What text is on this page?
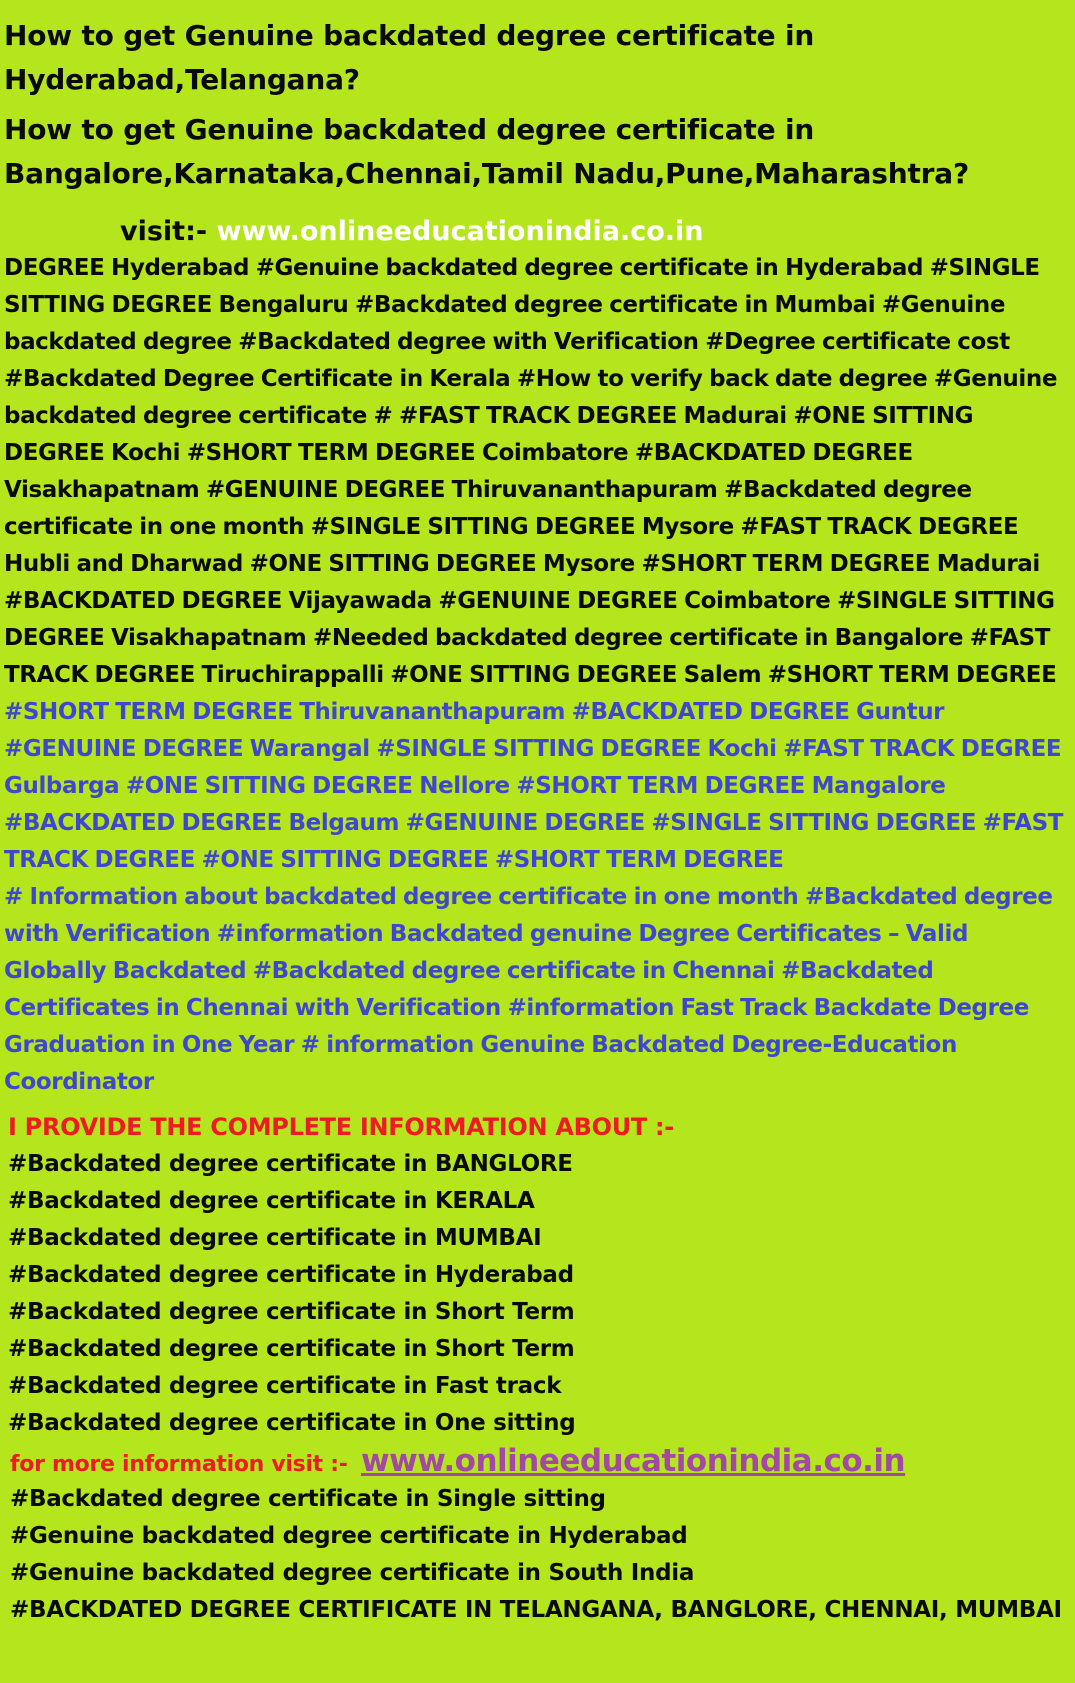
How to get Genuine backdated degree certificate in Hyderabad,Telangana?
How to get Genuine backdated degree certificate in Bangalore,Karnataka,Chennai,Tamil Nadu,Pune,Maharashtra?
visit:- www.onlineeducationindia.co.in

DEGREE Hyderabad #Genuine backdated degree certificate in Hyderabad #SINGLE SITTING DEGREE Bengaluru #Backdated degree certificate in Mumbai #Genuine backdated degree #Backdated degree with Verification #Degree certificate cost #Backdated Degree Certificate in Kerala #How to verify back date degree #Genuine backdated degree certificate # #FAST TRACK DEGREE Madurai #ONE SITTING DEGREE Kochi #SHORT TERM DEGREE Coimbatore #BACKDATED DEGREE Visakhapatnam #GENUINE DEGREE Thiruvananthapuram #Backdated degree certificate in one month #SINGLE SITTING DEGREE Mysore #FAST TRACK DEGREE Hubli and Dharwad #ONE SITTING DEGREE Mysore #SHORT TERM DEGREE Madurai #BACKDATED DEGREE Vijayawada #GENUINE DEGREE Coimbatore #SINGLE SITTING DEGREE Visakhapatnam #Needed backdated degree certificate in Bangalore #FAST TRACK DEGREE Tiruchirappalli #ONE SITTING DEGREE Salem #SHORT TERM DEGREE

#SHORT TERM DEGREE Thiruvananthapuram #BACKDATED DEGREE Guntur #GENUINE DEGREE Warangal #SINGLE SITTING DEGREE Kochi #FAST TRACK DEGREE Gulbarga #ONE SITTING DEGREE Nellore #SHORT TERM DEGREE Mangalore #BACKDATED DEGREE Belgaum #GENUINE DEGREE #SINGLE SITTING DEGREE #FAST TRACK DEGREE #ONE SITTING DEGREE #SHORT TERM DEGREE

# Information about backdated degree certificate in one month #Backdated degree with Verification #information Backdated genuine Degree Certificates – Valid Globally Backdated #Backdated degree certificate in Chennai #Backdated Certificates in Chennai with Verification #information Fast Track Backdate Degree Graduation in One Year # information Genuine Backdated Degree-Education Coordinator

I PROVIDE THE COMPLETE INFORMATION ABOUT :-
#Backdated degree certificate in BANGLORE
#Backdated degree certificate in KERALA
#Backdated degree certificate in MUMBAI
#Backdated degree certificate in Hyderabad
#Backdated degree certificate in Short Term
#Backdated degree certificate in Short Term
#Backdated degree certificate in Fast track
#Backdated degree certificate in One sitting
for more information visit :- www.onlineeducationindia.co.in
#Backdated degree certificate in Single sitting
#Genuine backdated degree certificate in Hyderabad
#Genuine backdated degree certificate in South India
#BACKDATED DEGREE CERTIFICATE IN TELANGANA, BANGLORE, CHENNAI, MUMBAI
